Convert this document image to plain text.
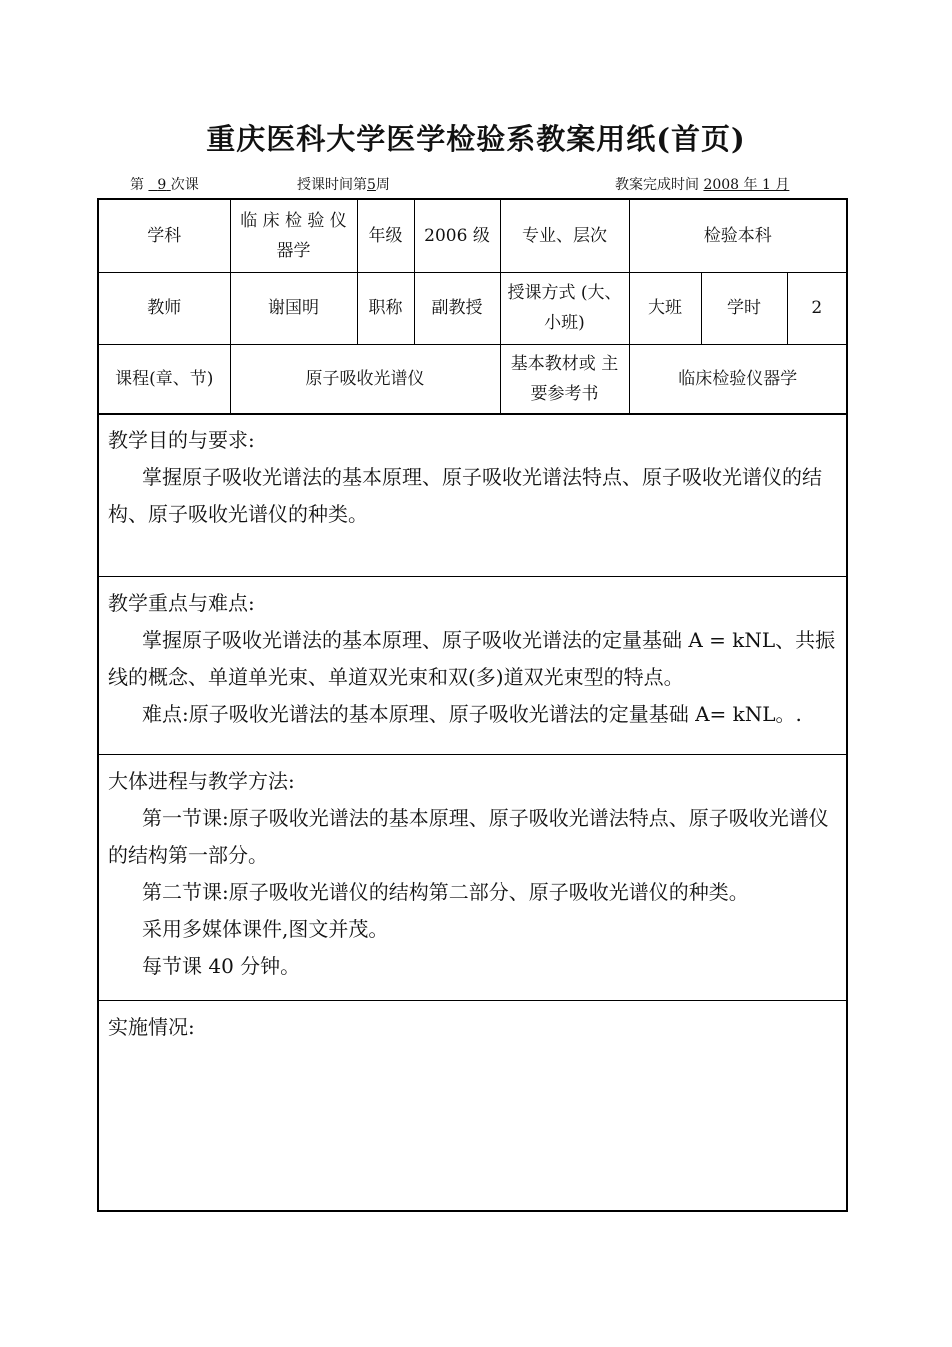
重庆医科大学医学检验系教案用纸(首页)
第 9 次课	授课时间第5周	教案完成时间 2008 年 1 月
学科	临 床 检 验 仪器学	年级	2006 级	专业、层次	检验本科		
教师	谢国明	职称	副教授	授课方式 (大、小班)	大班	学时	2
课程(章、节)	原子吸收光谱仪			基本教材或 主要参考书	临床检验仪器学		

教学目的与要求:

掌握原子吸收光谱法的基本原理、原子吸收光谱法特点、原子吸收光谱仪的结构、原子吸收光谱仪的种类。

教学重点与难点:

掌握原子吸收光谱法的基本原理、原子吸收光谱法的定量基础 A = kNL、共振线的概念、单道单光束、单道双光束和双(多)道双光束型的特点。

难点:原子吸收光谱法的基本原理、原子吸收光谱法的定量基础 A= kNL。.

大体进程与教学方法:

第一节课:原子吸收光谱法的基本原理、原子吸收光谱法特点、原子吸收光谱仪的结构第一部分。

第二节课:原子吸收光谱仪的结构第二部分、原子吸收光谱仪的种类。

采用多媒体课件,图文并茂。

每节课 40 分钟。

实施情况:
